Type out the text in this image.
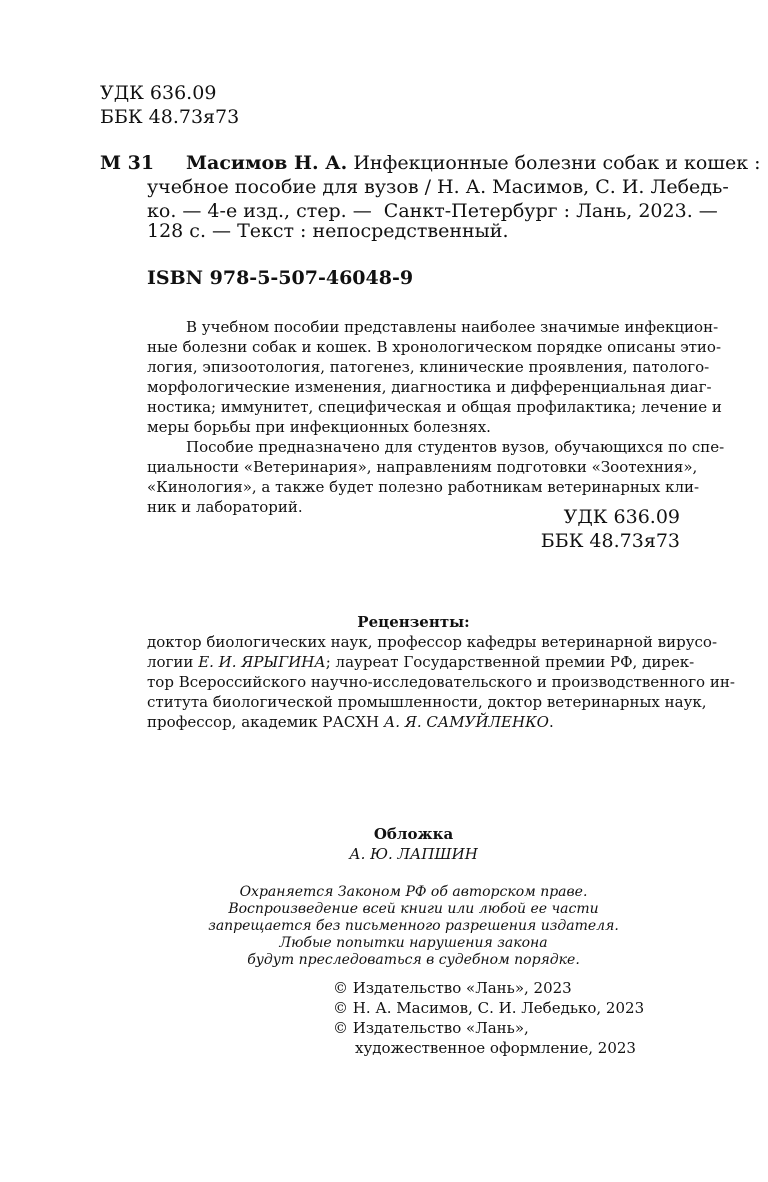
УДК 636.09
ББК 48.73я73
М 31 Масимов Н. А. Инфекционные болезни собак и кошек :
учебное пособие для вузов / Н. А. Масимов, С. И. Лебедь-
ко. — 4-е изд., стер. —  Санкт-Петербург : Лань, 2023. —
128 с. — Текст : непосредственный.
ISBN 978-5-507-46048-9
В учебном пособии представлены наиболее значимые инфекцион-
ные болезни собак и кошек. В хронологическом порядке описаны этио-
логия, эпизоотология, патогенез, клинические проявления, патолого-
морфологические изменения, диагностика и дифференциальная диаг-
ностика; иммунитет, специфическая и общая профилактика; лечение и
меры борьбы при инфекционных болезнях.
Пособие предназначено для студентов вузов, обучающихся по спе-
циальности «Ветеринария», направлениям подготовки «Зоотехния»,
«Кинология», а также будет полезно работникам ветеринарных кли-
ник и лабораторий.	УДК 636.09
ББК 48.73я73
Рецензенты:
доктор биологических наук, профессор кафедры ветеринарной вирусо-
логии Е. И. ЯРЫГИНА; лауреат Государственной премии РФ, дирек-
тор Всероссийского научно-исследовательского и производственного ин-
ститута биологической промышленности, доктор ветеринарных наук,
профессор, академик РАСХН А. Я. САМУЙЛЕНКО.
Обложка
А. Ю. ЛАПШИН
Охраняется Законом РФ об авторском праве.
Воспроизведение всей книги или любой ее части
запрещается без письменного разрешения издателя.
Любые попытки нарушения закона
будут преследоваться в судебном порядке.
© Издательство «Лань», 2023
© Н. А. Масимов, С. И. Лебедько, 2023
© Издательство «Лань»,
художественное оформление, 2023
